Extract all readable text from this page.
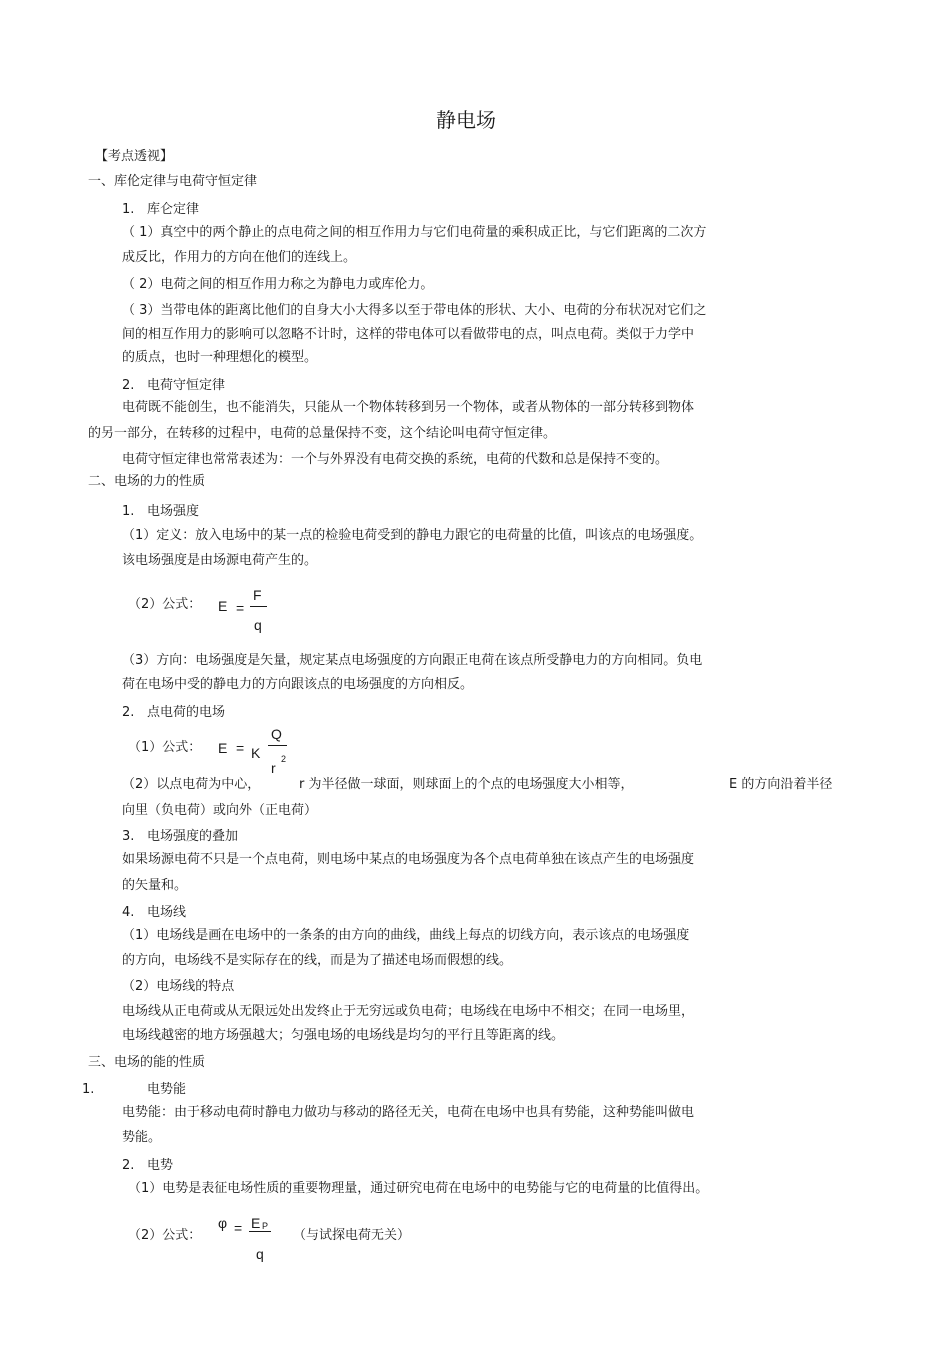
静电场
【考点透视】
一、库伦定律与电荷守恒定律
1. 库仑定律
（ 1）真空中的两个静止的点电荷之间的相互作用力与它们电荷量的乘积成正比，与它们距离的二次方
成反比，作用力的方向在他们的连线上。
（ 2）电荷之间的相互作用力称之为静电力或库伦力。
（ 3）当带电体的距离比他们的自身大小大得多以至于带电体的形状、大小、电荷的分布状况对它们之
间的相互作用力的影响可以忽略不计时，这样的带电体可以看做带电的点，叫点电荷。类似于力学中
的质点，也时一种理想化的模型。
2. 电荷守恒定律
电荷既不能创生，也不能消失，只能从一个物体转移到另一个物体，或者从物体的一部分转移到物体
的另一部分，在转移的过程中，电荷的总量保持不变，这个结论叫电荷守恒定律。
电荷守恒定律也常常表述为：一个与外界没有电荷交换的系统，电荷的代数和总是保持不变的。
二、电场的力的性质
1. 电场强度
（1）定义：放入电场中的某一点的检验电荷受到的静电力跟它的电荷量的比值，叫该点的电场强度。
该电场强度是由场源电荷产生的。
（2）公式： E =
F
q
（3）方向：电场强度是矢量，规定某点电场强度的方向跟正电荷在该点所受静电力的方向相同。负电
荷在电场中受的静电力的方向跟该点的电场强度的方向相反。
2. 点电荷的电场
（1）公式： E = K
Q
r
2
（2）以点电荷为中心，	r 为半径做一球面，则球面上的个点的电场强度大小相等，	E 的方向沿着半径
向里（负电荷）或向外（正电荷）
3. 电场强度的叠加
如果场源电荷不只是一个点电荷，则电场中某点的电场强度为各个点电荷单独在该点产生的电场强度
的矢量和。
4. 电场线
（1）电场线是画在电场中的一条条的由方向的曲线，曲线上每点的切线方向，表示该点的电场强度
的方向，电场线不是实际存在的线，而是为了描述电场而假想的线。
（2）电场线的特点
电场线从正电荷或从无限远处出发终止于无穷远或负电荷；电场线在电场中不相交；在同一电场里，
电场线越密的地方场强越大；匀强电场的电场线是均匀的平行且等距离的线。
三、电场的能的性质
1.	电势能
电势能：由于移动电荷时静电力做功与移动的路径无关，电荷在电场中也具有势能，这种势能叫做电
势能。
2. 电势
（1）电势是表征电场性质的重要物理量，通过研究电荷在电场中的电势能与它的电荷量的比值得出。
（2）公式：
φ = E P
q
（与试探电荷无关）
